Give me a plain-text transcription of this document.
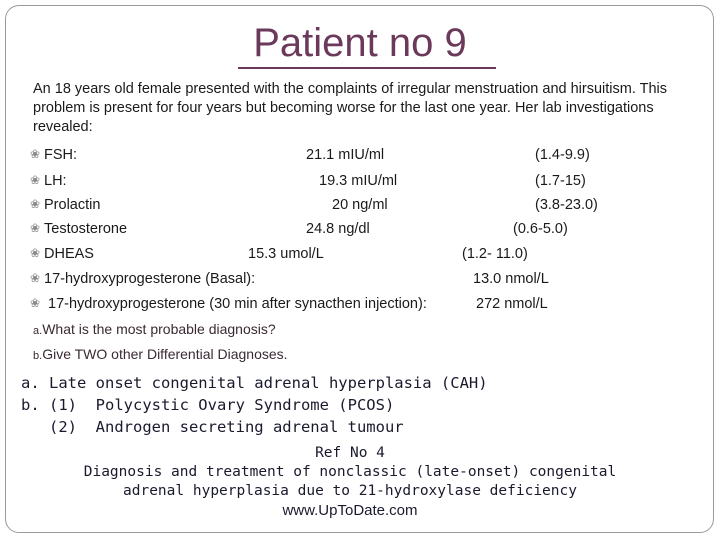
Patient no 9
An 18 years old female presented with the complaints of irregular menstruation and hirsuitism. This problem is present for four years but becoming worse for the last one year. Her lab investigations revealed:
❀ FSH:	21.1 mIU/ml	(1.4-9.9)
❀ LH:	19.3 mIU/ml	(1.7-15)
❀ Prolactin	20 ng/ml	(3.8-23.0)
❀ Testosterone	24.8 ng/dl	(0.6-5.0)
❀ DHEAS	15.3 umol/L	(1.2- 11.0)
❀ 17-hydroxyprogesterone (Basal):	13.0 nmol/L
❀ 17-hydroxyprogesterone (30 min after synacthen injection):	272 nmol/L
a.What is the most probable diagnosis?
b.Give TWO other Differential Diagnoses.
a. Late onset congenital adrenal hyperplasia (CAH)
b. (1)  Polycystic Ovary Syndrome (PCOS)
(2)  Androgen secreting adrenal tumour
Ref No 4
Diagnosis and treatment of nonclassic (late-onset) congenital
adrenal hyperplasia due to 21-hydroxylase deficiency
www.UpToDate.com
